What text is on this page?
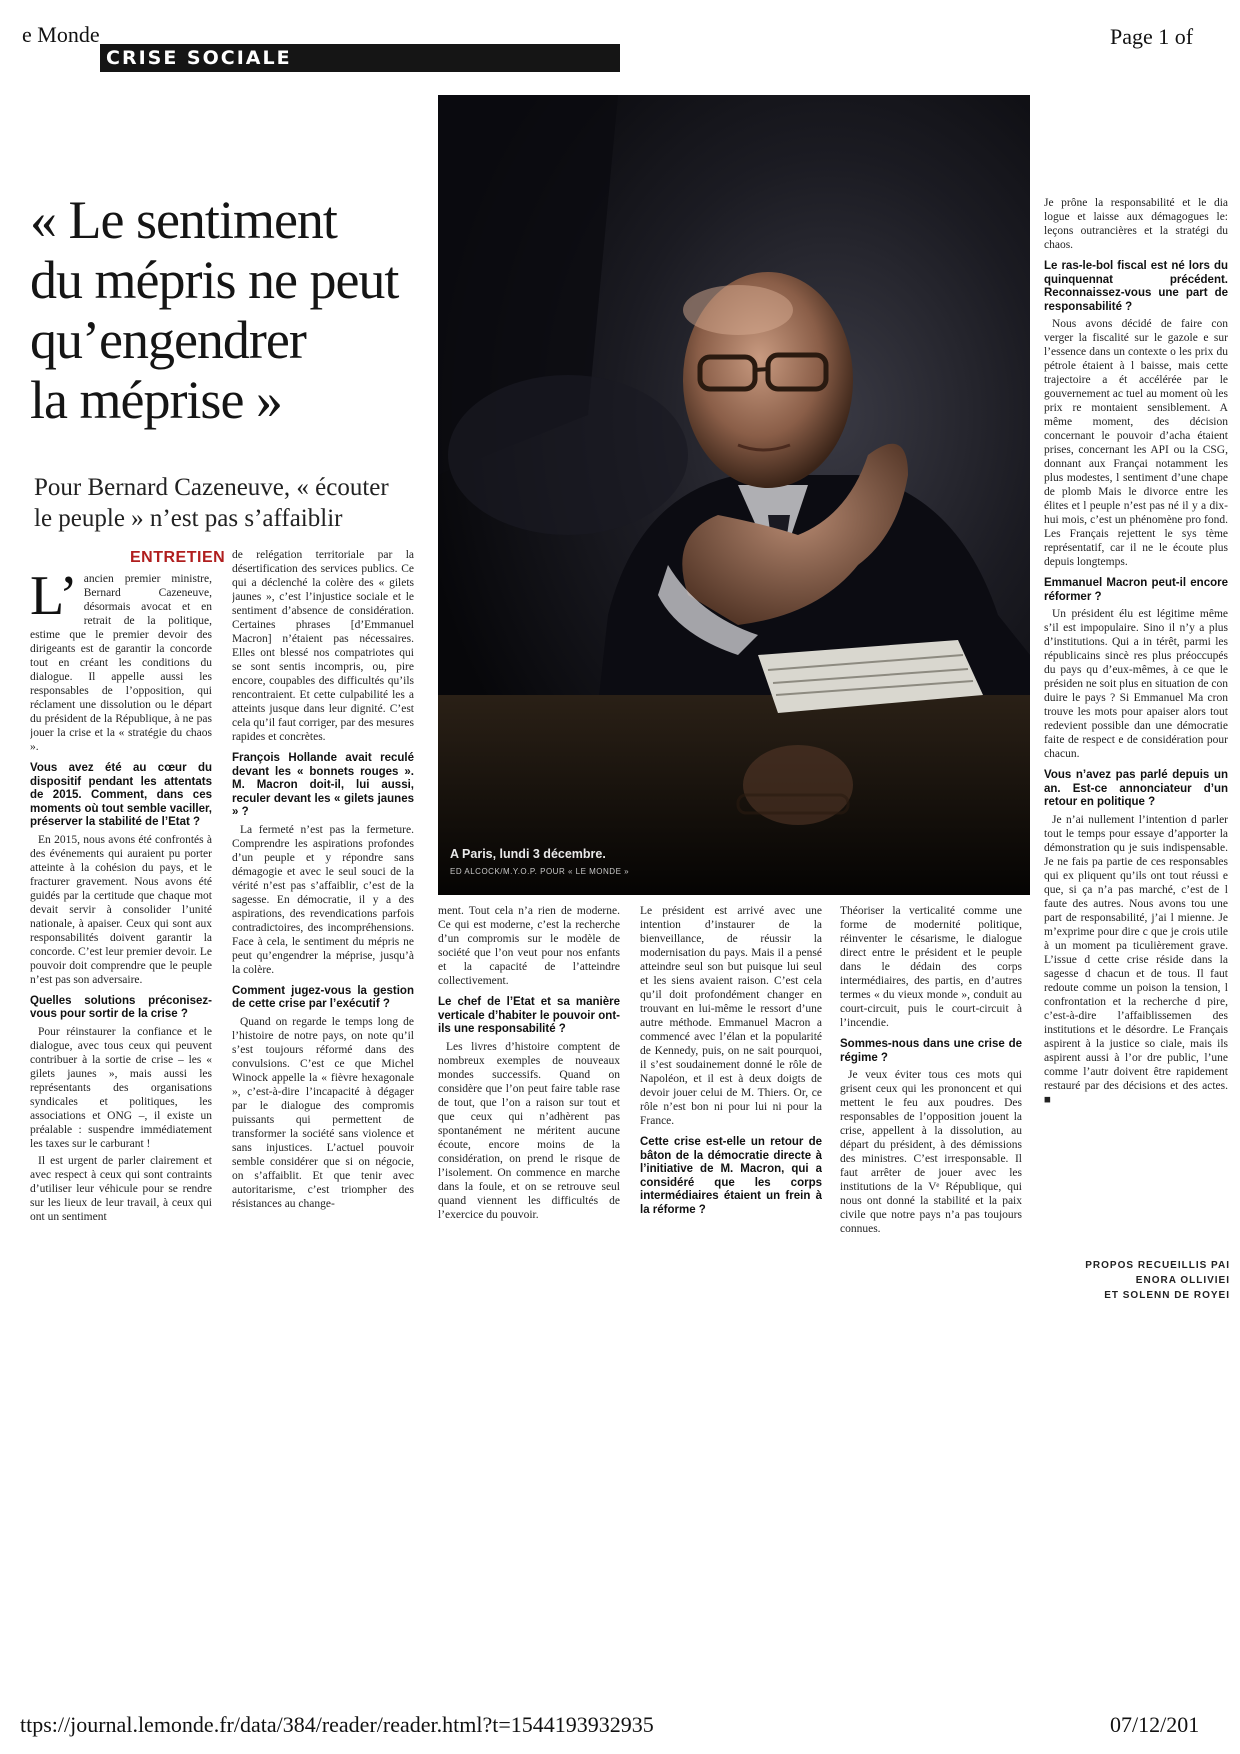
e Monde	Page 1 of
CRISE SOCIALE
« Le sentiment
du mépris ne peut
qu’engendrer
la méprise »
Pour Bernard Cazeneuve, « écouter
le peuple » n’est pas s’affaiblir
ENTRETIEN

L’ ancien premier ministre, Bernard Cazeneuve, désormais avocat et en retrait de la politique, estime que le premier devoir des dirigeants est de garantir la concorde tout en créant les conditions du dialogue. Il appelle aussi les responsables de l’opposition, qui réclament une dissolution ou le départ du président de la République, à ne pas jouer la crise et la « stratégie du chaos ».

Vous avez été au cœur du dispositif pendant les attentats de 2015. Comment, dans ces moments où tout semble vaciller, préserver la stabilité de l’Etat ?

En 2015, nous avons été confrontés à des événements qui auraient pu porter atteinte à la cohésion du pays, et le fracturer gravement. Nous avons été guidés par la certitude que chaque mot devait servir à consolider l’unité nationale, à apaiser. Ceux qui sont aux responsabilités doivent garantir la concorde. C’est leur premier devoir. Le pouvoir doit comprendre que le peuple n’est pas son adversaire.

Quelles solutions préconisez-vous pour sortir de la crise ?

Pour réinstaurer la confiance et le dialogue, avec tous ceux qui peuvent contribuer à la sortie de crise – les « gilets jaunes », mais aussi les représentants des organisations syndicales et politiques, les associations et ONG –, il existe un préalable : suspendre immédiatement les taxes sur le carburant !

Il est urgent de parler clairement et avec respect à ceux qui sont contraints d’utiliser leur véhicule pour se rendre sur les lieux de leur travail, à ceux qui ont un sentiment

de relégation territoriale par la désertification des services publics. Ce qui a déclenché la colère des « gilets jaunes », c’est l’injustice sociale et le sentiment d’absence de considération. Certaines phrases [d’Emmanuel Macron] n’étaient pas nécessaires. Elles ont blessé nos compatriotes qui se sont sentis incompris, ou, pire encore, coupables des difficultés qu’ils rencontraient. Et cette culpabilité les a atteints jusque dans leur dignité. C’est cela qu’il faut corriger, par des mesures rapides et concrètes.

François Hollande avait reculé devant les « bonnets rouges ». M. Macron doit-il, lui aussi, reculer devant les « gilets jaunes » ?

La fermeté n’est pas la fermeture. Comprendre les aspirations profondes d’un peuple et y répondre sans démagogie et avec le seul souci de la vérité n’est pas s’affaiblir, c’est de la sagesse. En démocratie, il y a des aspirations, des revendications parfois contradictoires, des incompréhensions. Face à cela, le sentiment du mépris ne peut qu’engendrer la méprise, jusqu’à la colère.

Comment jugez-vous la gestion de cette crise par l’exécutif ?

Quand on regarde le temps long de l’histoire de notre pays, on note qu’il s’est toujours réformé dans des convulsions. C’est ce que Michel Winock appelle la « fièvre hexagonale », c’est-à-dire l’incapacité à dégager par le dialogue des compromis puissants qui permettent de transformer la société sans violence et sans injustices. L’actuel pouvoir semble considérer que si on négocie, on s’affaiblit. Et que tenir avec autoritarisme, c’est triompher des résistances au change-

A Paris, lundi 3 décembre.
ED ALCOCK/M.Y.O.P. POUR « LE MONDE »

ment. Tout cela n’a rien de moderne. Ce qui est moderne, c’est la recherche d’un compromis sur le modèle de société que l’on veut pour nos enfants et la capacité de l’atteindre collectivement.

Le chef de l’Etat et sa manière verticale d’habiter le pouvoir ont-ils une responsabilité ?

Les livres d’histoire comptent de nombreux exemples de nouveaux mondes successifs. Quand on considère que l’on peut faire table rase de tout, que l’on a raison sur tout et que ceux qui n’adhèrent pas spontanément ne méritent aucune écoute, encore moins de la considération, on prend le risque de l’isolement. On commence en marche dans la foule, et on se retrouve seul quand viennent les difficultés de l’exercice du pouvoir.

Le président est arrivé avec une intention d’instaurer de la bienveillance, de réussir la modernisation du pays. Mais il a pensé atteindre seul son but puisque lui seul et les siens avaient raison. C’est cela qu’il doit profondément changer en trouvant en lui-même le ressort d’une autre méthode. Emmanuel Macron a commencé avec l’élan et la popularité de Kennedy, puis, on ne sait pourquoi, il s’est soudainement donné le rôle de Napoléon, et il est à deux doigts de devoir jouer celui de M. Thiers. Or, ce rôle n’est bon ni pour lui ni pour la France.

Cette crise est-elle un retour de bâton de la démocratie directe à l’initiative de M. Macron, qui a considéré que les corps intermédiaires étaient un frein à la réforme ?

Théoriser la verticalité comme une forme de modernité politique, réinventer le césarisme, le dialogue direct entre le président et le peuple dans le dédain des corps intermédiaires, des partis, en d’autres termes « du vieux monde », conduit au court-circuit, puis le court-circuit à l’incendie.

Sommes-nous dans une crise de régime ?

Je veux éviter tous ces mots qui grisent ceux qui les prononcent et qui mettent le feu aux poudres. Des responsables de l’opposition jouent la crise, appellent à la dissolution, au départ du président, à des démissions des ministres. C’est irresponsable. Il faut arrêter de jouer avec les institutions de la Vᵉ République, qui nous ont donné la stabilité et la paix civile que notre pays n’a pas toujours connues.

Je prône la responsabilité et le dia logue et laisse aux démagogues le: leçons outrancières et la stratégi du chaos.

Le ras-le-bol fiscal est né lors du quinquennat précédent. Reconnaissez-vous une part de responsabilité ?

Nous avons décidé de faire con verger la fiscalité sur le gazole e sur l’essence dans un contexte o les prix du pétrole étaient à l baisse, mais cette trajectoire a ét accélérée par le gouvernement ac tuel au moment où les prix re montaient sensiblement. A même moment, des décision concernant le pouvoir d’acha étaient prises, concernant les API ou la CSG, donnant aux Françai notamment les plus modestes, l sentiment d’une chape de plomb Mais le divorce entre les élites et l peuple n’est pas né il y a dix-hui mois, c’est un phénomène pro fond. Les Français rejettent le sys tème représentatif, car il ne le écoute plus depuis longtemps.

Emmanuel Macron peut-il encore réformer ?

Un président élu est légitime même s’il est impopulaire. Sino il n’y a plus d’institutions. Qui a in térêt, parmi les républicains sincè res plus préoccupés du pays qu d’eux-mêmes, à ce que le présiden ne soit plus en situation de con duire le pays ? Si Emmanuel Ma cron trouve les mots pour apaiser alors tout redevient possible dan une démocratie faite de respect e de considération pour chacun.

Vous n’avez pas parlé depuis un an. Est-ce annonciateur d’un retour en politique ?

Je n’ai nullement l’intention d parler tout le temps pour essaye d’apporter la démonstration qu je suis indispensable. Je ne fais pa partie de ces responsables qui ex pliquent qu’ils ont tout réussi e que, si ça n’a pas marché, c’est de l faute des autres. Nous avons tou une part de responsabilité, j’ai l mienne. Je m’exprime pour dire c que je crois utile à un moment pa ticulièrement grave. L’issue d cette crise réside dans la sagesse d chacun et de tous. Il faut redoute comme un poison la tension, l confrontation et la recherche d pire, c’est-à-dire l’affaiblissemen des institutions et le désordre. Le Français aspirent à la justice so ciale, mais ils aspirent aussi à l’or dre public, l’une comme l’autr doivent être rapidement restauré par des décisions et des actes. ■

PROPOS RECUEILLIS PAI
ENORA OLLIVIEI
ET SOLENN DE ROYEI
ttps://journal.lemonde.fr/data/384/reader/reader.html?t=1544193932935	07/12/201
